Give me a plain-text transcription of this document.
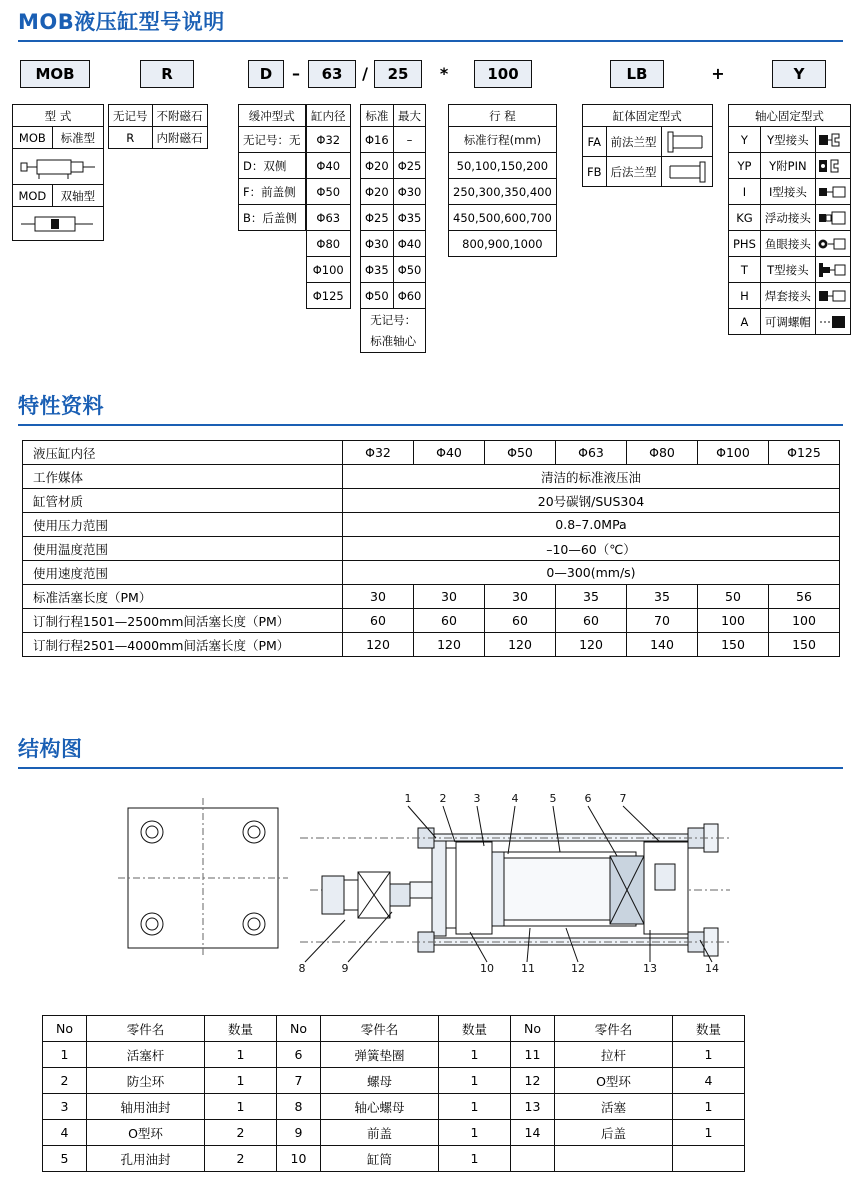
MOB液压缸型号说明
MOB	R	D	–	63	/	25	*	100	LB	+	Y
型 式	
MOB	标准型

MOD	双轴型

无记号	不附磁石
R	内附磁石
缓冲型式
无记号：无
D：双侧
F：前盖侧
B：后盖侧
缸内径
Φ32
Φ40
Φ50
Φ63
Φ80
Φ100
Φ125
标准	最大
Φ16	–
Φ20	Φ25
Φ20	Φ30
Φ25	Φ35
Φ30	Φ40
Φ35	Φ50
Φ50	Φ60
无记号：	
标准轴心	
行 程
标准行程(mm)
50,100,150,200
250,300,350,400
450,500,600,700
800,900,1000
缸体固定型式		
FA	前法兰型	

FB	后法兰型	
轴心固定型式		
Y	Y型接头	

YP	Y附PIN	

I	I型接头	

KG	浮动接头	

PHS	鱼眼接头	

T	T型接头	

H	焊套接头	

A	可调螺帽	
特性资料
液压缸内径	Φ32	Φ40	Φ50	Φ63	Φ80	Φ100	Φ125
工作媒体	清洁的标准液压油						
缸管材质	20号碳钢/SUS304						
使用压力范围	0.8–7.0MPa						
使用温度范围	–10—60（℃）						
使用速度范围	0—300(mm/s)						
标准活塞长度（PM）	30	30	30	35	35	50	56
订制行程1501—2500mm间活塞长度（PM）	60	60	60	60	70	100	100
订制行程2501—4000mm间活塞长度（PM）	120	120	120	120	140	150	150
结构图
1	2 3	4	5	6	7
8	9	10 11	12	13	14
No	零件名	数量	No	零件名	数量	No	零件名	数量
1	活塞杆	1	6	弹簧垫圈	1	11	拉杆	1
2	防尘环	1	7	螺母	1	12	O型环	4
3	轴用油封	1	8	轴心螺母	1	13	活塞	1
4	O型环	2	9	前盖	1	14	后盖	1
5	孔用油封	2	10	缸筒	1			
